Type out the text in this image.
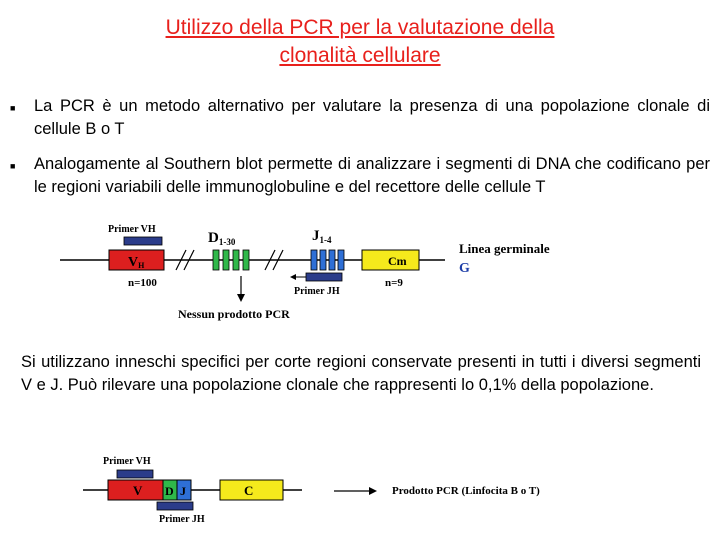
Utilizzo della PCR per la valutazione della
clonalità cellulare
■ La PCR è un metodo alternativo per valutare la presenza di una popolazione clonale di cellule B o T
■ Analogamente al Southern blot permette di analizzare i segmenti di DNA che codificano per le regioni variabili delle immunoglobuline e del recettore delle cellule T
Primer VH
VH
$D_{1-30}$	$J_{1-4}$
Cm
n=100	n=9
Primer JH
Nessun prodotto PCR
Linea germinale
G
Si utilizzano inneschi specifici per corte regioni conservate presenti in tutti i diversi segmenti V e J. Può rilevare una popolazione clonale che rappresenti lo 0,1% della popolazione.
Primer VH
V D J	C
Primer JH
Prodotto PCR (Linfocita B o T)
